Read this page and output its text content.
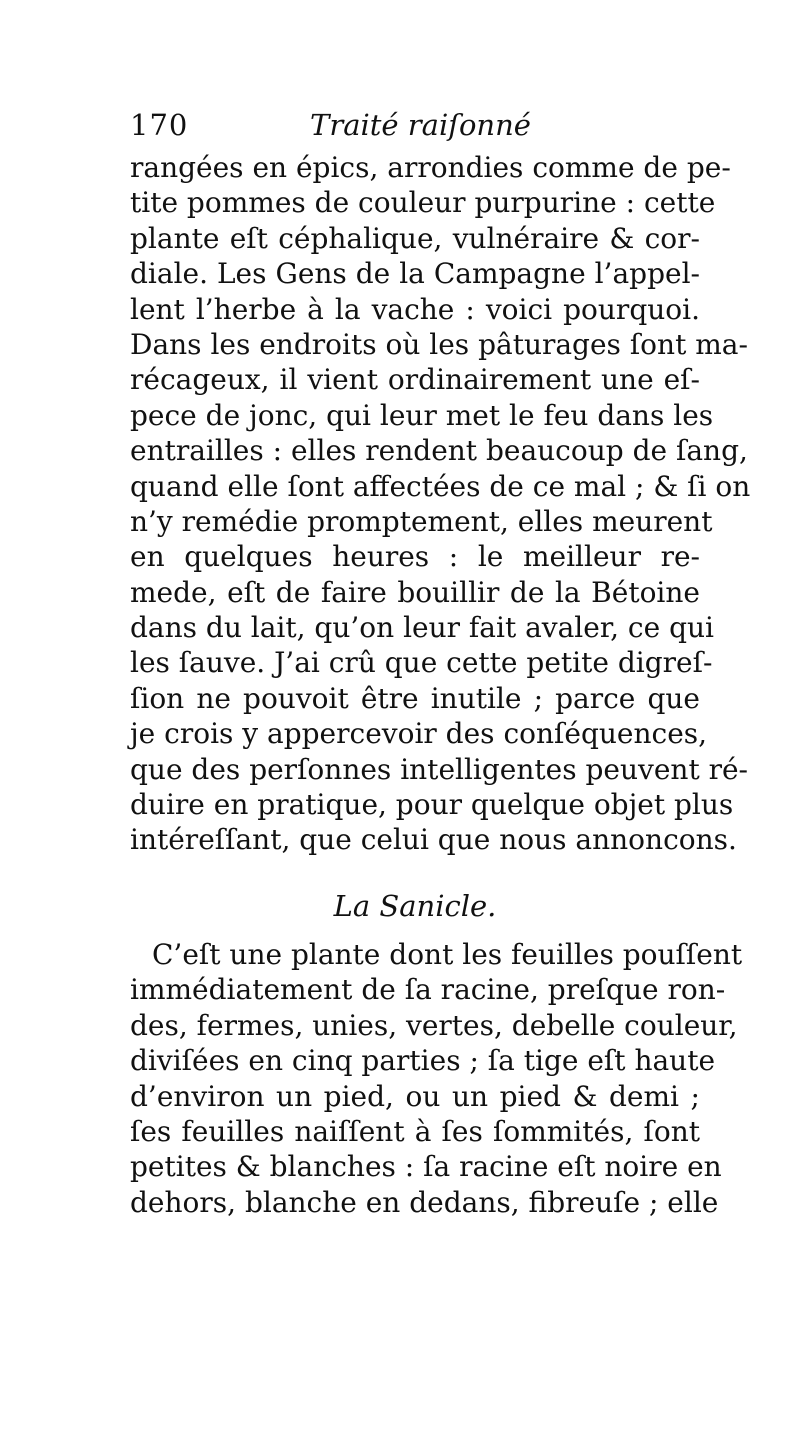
170	Traité raiſonné
rangées en épics, arrondies comme de pe-
tite pommes de couleur purpurine : cette
plante eſt céphalique, vulnéraire & cor-
diale. Les Gens de la Campagne l’appel-
lent l’herbe à la vache : voici pourquoi.
Dans les endroits où les pâturages ſont ma-
récageux, il vient ordinairement une eſ-
pece de jonc, qui leur met le feu dans les
entrailles : elles rendent beaucoup de ſang,
quand elle ſont affectées de ce mal ; & ſi on
n’y remédie promptement, elles meurent
en quelques heures : le meilleur re-
mede, eſt de faire bouillir de la Bétoine
dans du lait, qu’on leur fait avaler, ce qui
les ſauve. J’ai crû que cette petite digreſ-
ſion ne pouvoit être inutile ; parce que
je crois y appercevoir des conſéquences,
que des perſonnes intelligentes peuvent ré-
duire en pratique, pour quelque objet plus
intéreſſant, que celui que nous annoncons.
La Sanicle.
C’eſt une plante dont les feuilles pouſſent
immédiatement de ſa racine, preſque ron-
des, fermes, unies, vertes, debelle couleur,
diviſées en cinq parties ; ſa tige eſt haute
d’environ un pied, ou un pied & demi ;
ſes feuilles naiſſent à ſes ſommités, ſont
petites & blanches : ſa racine eſt noire en
dehors, blanche en dedans, fibreuſe ; elle
